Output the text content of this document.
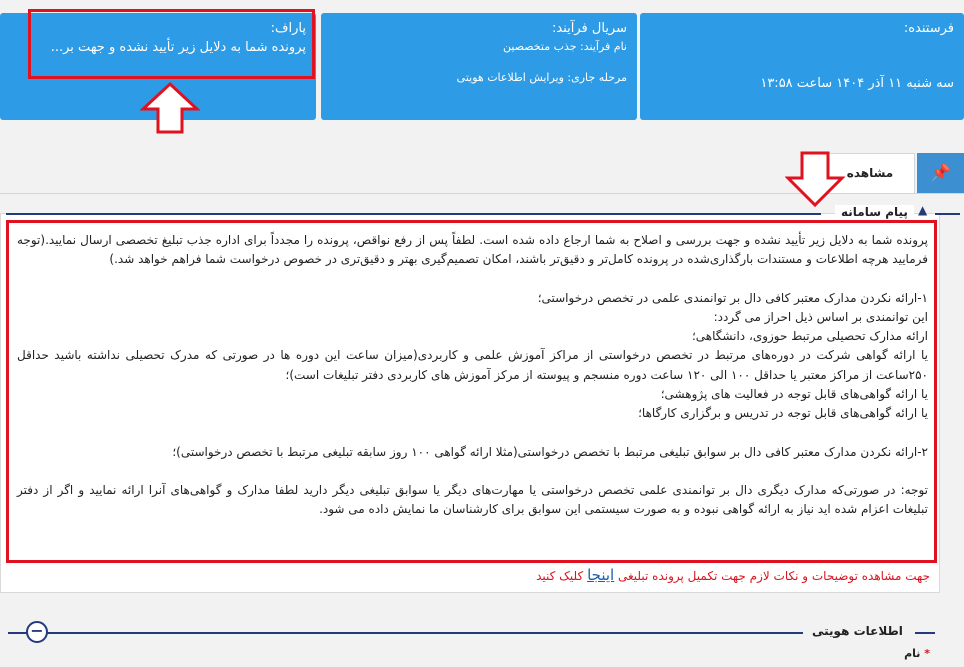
فرستنده:
سه شنبه ۱۱ آذر ۱۴۰۴ ساعت ۱۳:۵۸
سریال فرآیند:
نام فرآیند: جذب متخصصین
مرحله جاری: ویرایش اطلاعات هویتی
پاراف:
پرونده شما به دلایل زیر تأیید نشده و جهت بر...
مشاهده	📌
پیام سامانه ▲

پرونده شما به دلایل زیر تأیید نشده و جهت بررسی و اصلاح به شما ارجاع داده شده است. لطفاً پس از رفع نواقص، پرونده را مجدداً برای اداره جذب تبلیغ تخصصی ارسال نمایید.(توجه فرمایید هرچه اطلاعات و مستندات بارگذاری‌شده در پرونده کامل‌تر و دقیق‌تر باشند، امکان تصمیم‌گیری بهتر و دقیق‌تری در خصوص درخواست شما فراهم خواهد شد.)

۱-ارائه نکردن مدارک معتبر کافی دال بر توانمندی علمی در تخصص درخواستی؛

این توانمندی بر اساس ذیل احراز می گردد:

ارائه مدارک تحصیلی مرتبط حوزوی، دانشگاهی؛

یا ارائه گواهی شرکت در دوره‌های مرتبط در تخصص درخواستی از مراکز آموزش علمی و کاربردی(میزان ساعت این دوره ها در صورتی که مدرک تحصیلی نداشته باشید حداقل ۲۵۰ساعت از مراکز معتبر یا حداقل ۱۰۰ الی ۱۲۰ ساعت دوره منسجم و پیوسته از مرکز آموزش های کاربردی دفتر تبلیغات است)؛

یا ارائه گواهی‌های قابل توجه در فعالیت های پژوهشی؛

یا ارائه گواهی‌های قابل توجه در تدریس و برگزاری کارگاها؛

۲-ارائه نکردن مدارک معتبر کافی دال بر سوابق تبلیغی مرتبط با تخصص درخواستی(مثلا ارائه گواهی ۱۰۰ روز سابقه تبلیغی مرتبط با تخصص درخواستی)؛

توجه: در صورتی‌که مدارک دیگری دال بر توانمندی علمی تخصص درخواستی یا مهارت‌های دیگر یا سوابق تبلیغی دیگر دارید لطفا مدارک و گواهی‌های آنرا ارائه نمایید و اگر از دفتر تبلیغات اعزام شده اید نیاز به ارائه گواهی نبوده و به صورت سیستمی این سوابق برای کارشناسان ما نمایش داده می شود.

جهت مشاهده توضیحات و نکات لازم جهت تکمیل پرونده تبلیغی اینجا کلیک کنید
اطلاعات هویتی
−
* نام
